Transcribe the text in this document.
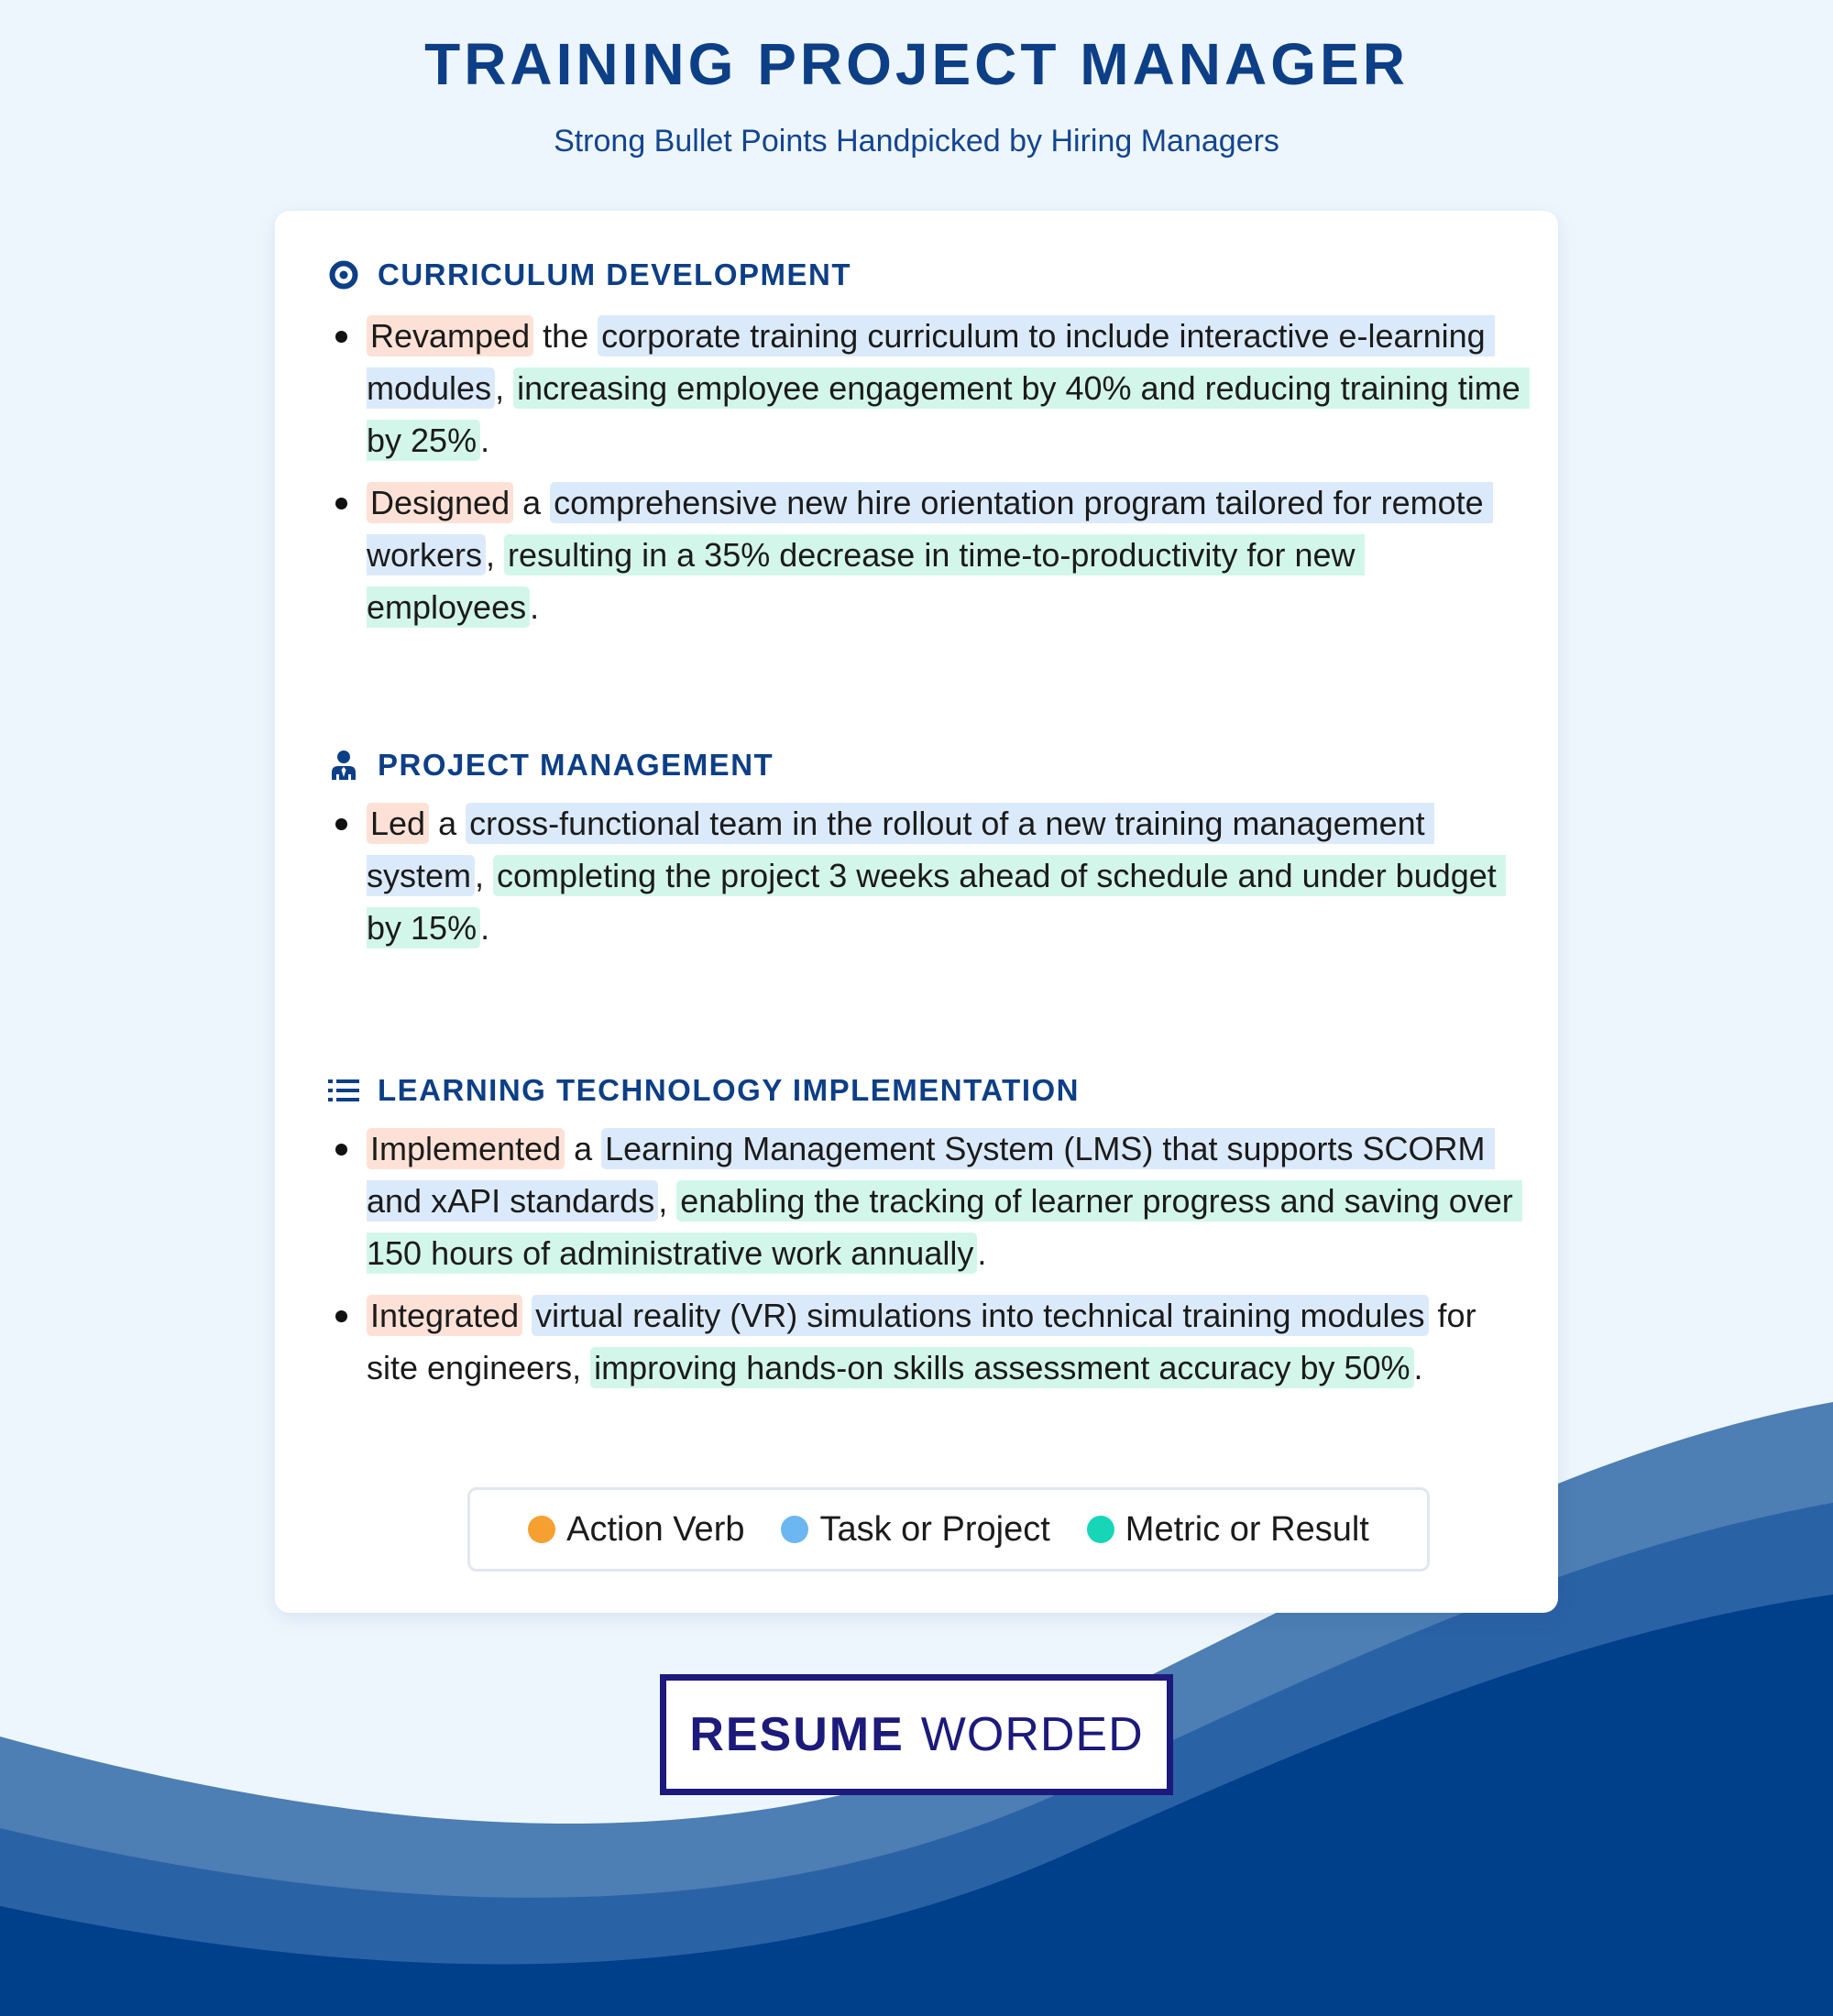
TRAINING PROJECT MANAGER
Strong Bullet Points Handpicked by Hiring Managers
CURRICULUM DEVELOPMENT
Revamped the corporate training curriculum to include interactive e-learning modules , increasing employee engagement by 40% and reducing training time by 25% .
Designed a comprehensive new hire orientation program tailored for remote workers , resulting in a 35% decrease in time-to-productivity for new employees .
PROJECT MANAGEMENT
Led a cross-functional team in the rollout of a new training management system , completing the project 3 weeks ahead of schedule and under budget by 15% .
LEARNING TECHNOLOGY IMPLEMENTATION
Implemented a Learning Management System (LMS) that supports SCORM and xAPI standards , enabling the tracking of learner progress and saving over 150 hours of administrative work annually .
Integrated virtual reality (VR) simulations into technical training modules for site engineers, improving hands-on skills assessment accuracy by 50% .
Action Verb Task or Project Metric or Result
RESUME WORDED
